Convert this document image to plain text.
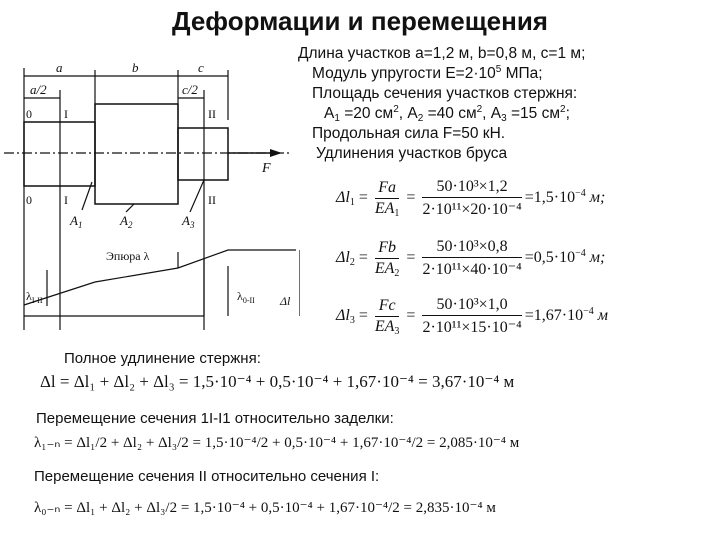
Деформации и перемещения
Длина участков a=1,2 м, b=0,8 м, c=1 м;
Модуль упругости $E=2\cdot 10^5$ МПа;
Площадь сечения участков стержня:
$A_1 =20$ $см^2$, $A_2 =40$ $см^2$, $A_3 =15$ $см^2$;
Продольная сила F=50 кН.
Удлинения участков бруса
a	b	c
a/2	c/2
F
$A_1$	$A_2$	$A_3$
0	I	II
0	I	II
Эпюра λ
$\lambda_{I-II}$	$\lambda_{0-II}$ Δl
$\Delta l_1 = \frac{Fa}{EA_1} = \frac{\text{50·10³×1,2}}{\text{2·10¹¹×20·10⁻⁴}} =1,5\cdot 10^{-4}$ м;
$\Delta l_2 = \frac{Fb}{EA_2} = \frac{\text{50·10³×0,8}}{\text{2·10¹¹×40·10⁻⁴}} =0,5\cdot 10^{-4}$ м;
$\Delta l_3 = \frac{Fc}{EA_3} = \frac{\text{50·10³×1,0}}{\text{2·10¹¹×15·10⁻⁴}} =1,67\cdot 10^{-4}$ м
Полное удлинение стержня:
Δl = Δl₁ + Δl₂ + Δl₃ = 1,5·10⁻⁴ + 0,5·10⁻⁴ + 1,67·10⁻⁴ = 3,67·10⁻⁴ м
Перемещение сечения 1I-I1 относительно заделки:
λ₁₋ₙ = Δl₁/2 + Δl₂ + Δl₃/2 = 1,5·10⁻⁴/2 + 0,5·10⁻⁴ + 1,67·10⁻⁴/2 = 2,085·10⁻⁴ м
Перемещение сечения II относительно сечения I:
λ₀₋ₙ = Δl₁ + Δl₂ + Δl₃/2 = 1,5·10⁻⁴ + 0,5·10⁻⁴ + 1,67·10⁻⁴/2 = 2,835·10⁻⁴ м
